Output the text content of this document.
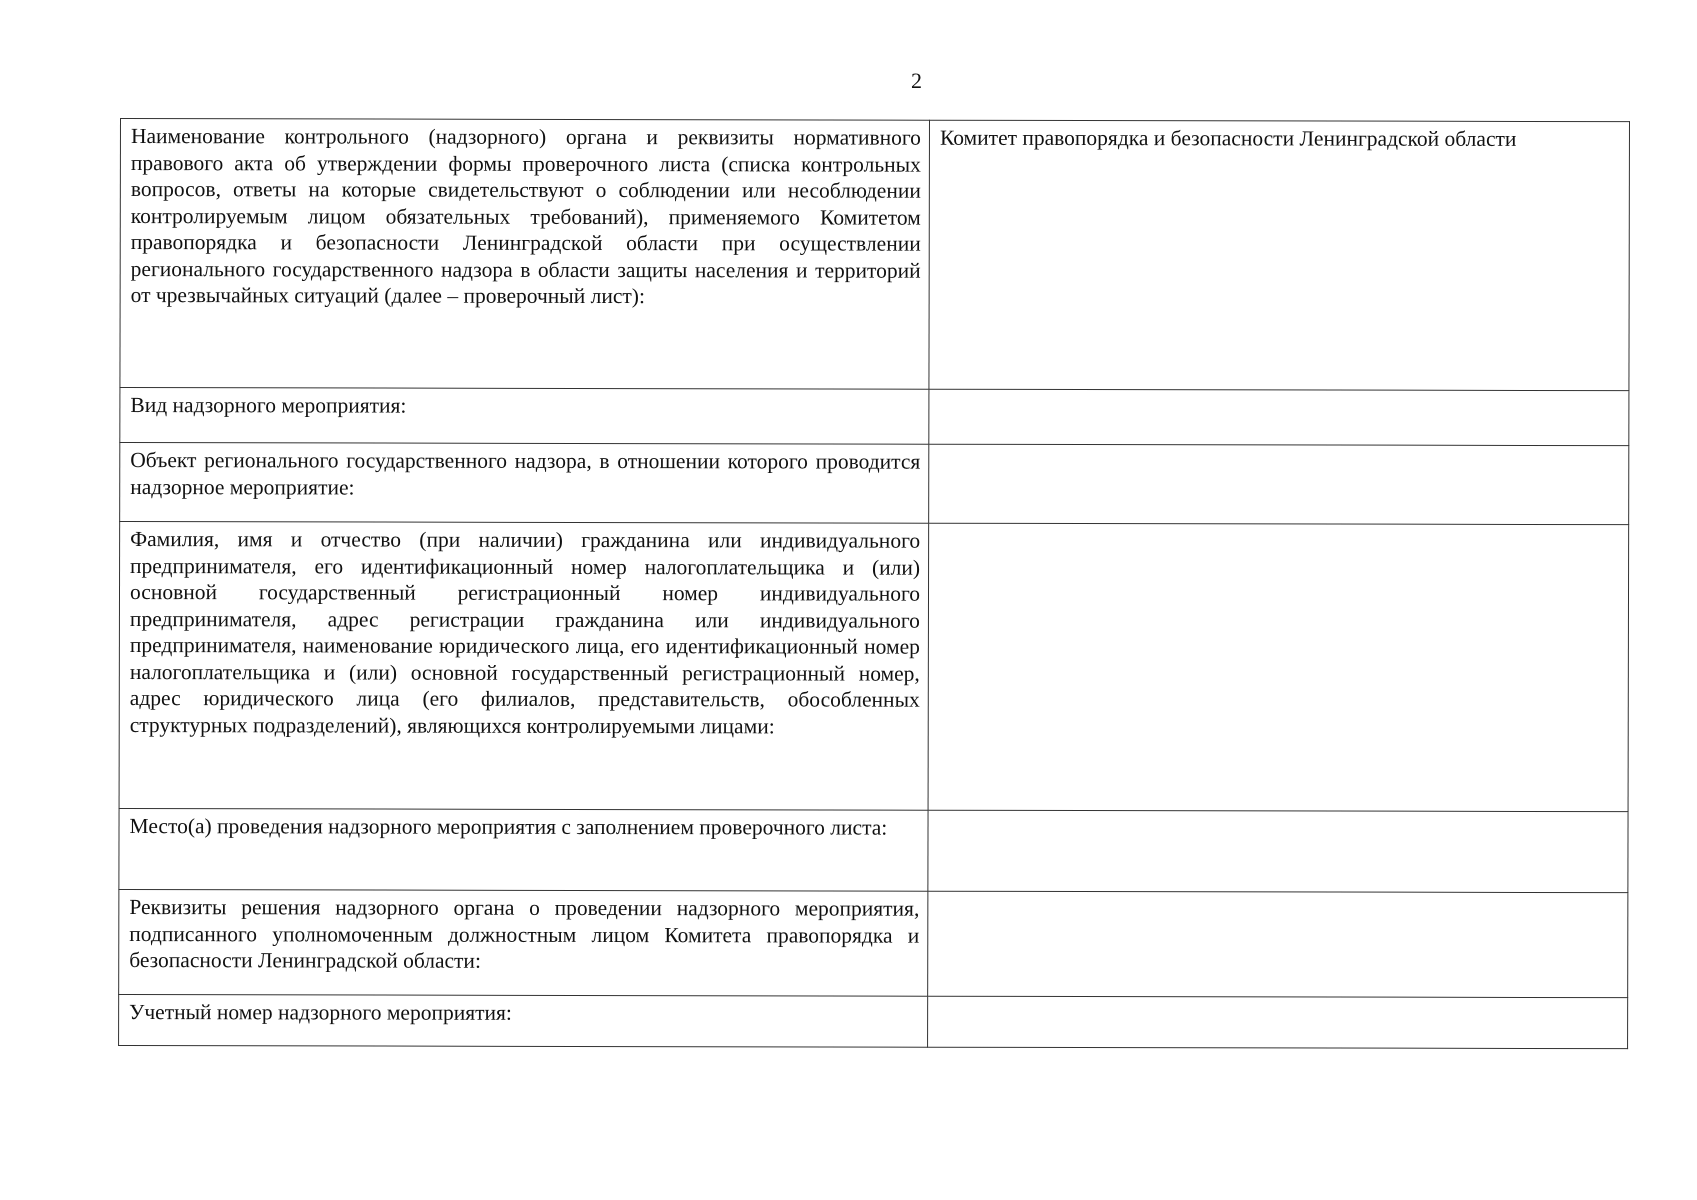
2
Наименование контрольного (надзорного) органа и реквизиты нормативного правового акта об утверждении формы проверочного листа (списка контрольных вопросов, ответы на которые свидетельствуют о соблюдении или несоблюдении контролируемым лицом обязательных требований), применяемого Комитетом правопорядка и безопасности Ленинградской области при осуществлении регионального государственного надзора в области защиты населения и территорий от чрезвычайных ситуаций (далее – проверочный лист):	Комитет правопорядка и безопасности Ленинградской области
Вид надзорного мероприятия:	
Объект регионального государственного надзора, в отношении которого проводится надзорное мероприятие:	
Фамилия, имя и отчество (при наличии) гражданина или индивидуального предпринимателя, его идентификационный номер налогоплательщика и (или) основной государственный регистрационный номер индивидуального предпринимателя, адрес регистрации гражданина или индивидуального предпринимателя, наименование юридического лица, его идентификационный номер налогоплательщика и (или) основной государственный регистрационный номер, адрес юридического лица (его филиалов, представительств, обособленных структурных подразделений), являющихся контролируемыми лицами:	
Место(а) проведения надзорного мероприятия с заполнением проверочного листа:	
Реквизиты решения надзорного органа о проведении надзорного мероприятия, подписанного уполномоченным должностным лицом Комитета правопорядка и безопасности Ленинградской области:	
Учетный номер надзорного мероприятия:	
